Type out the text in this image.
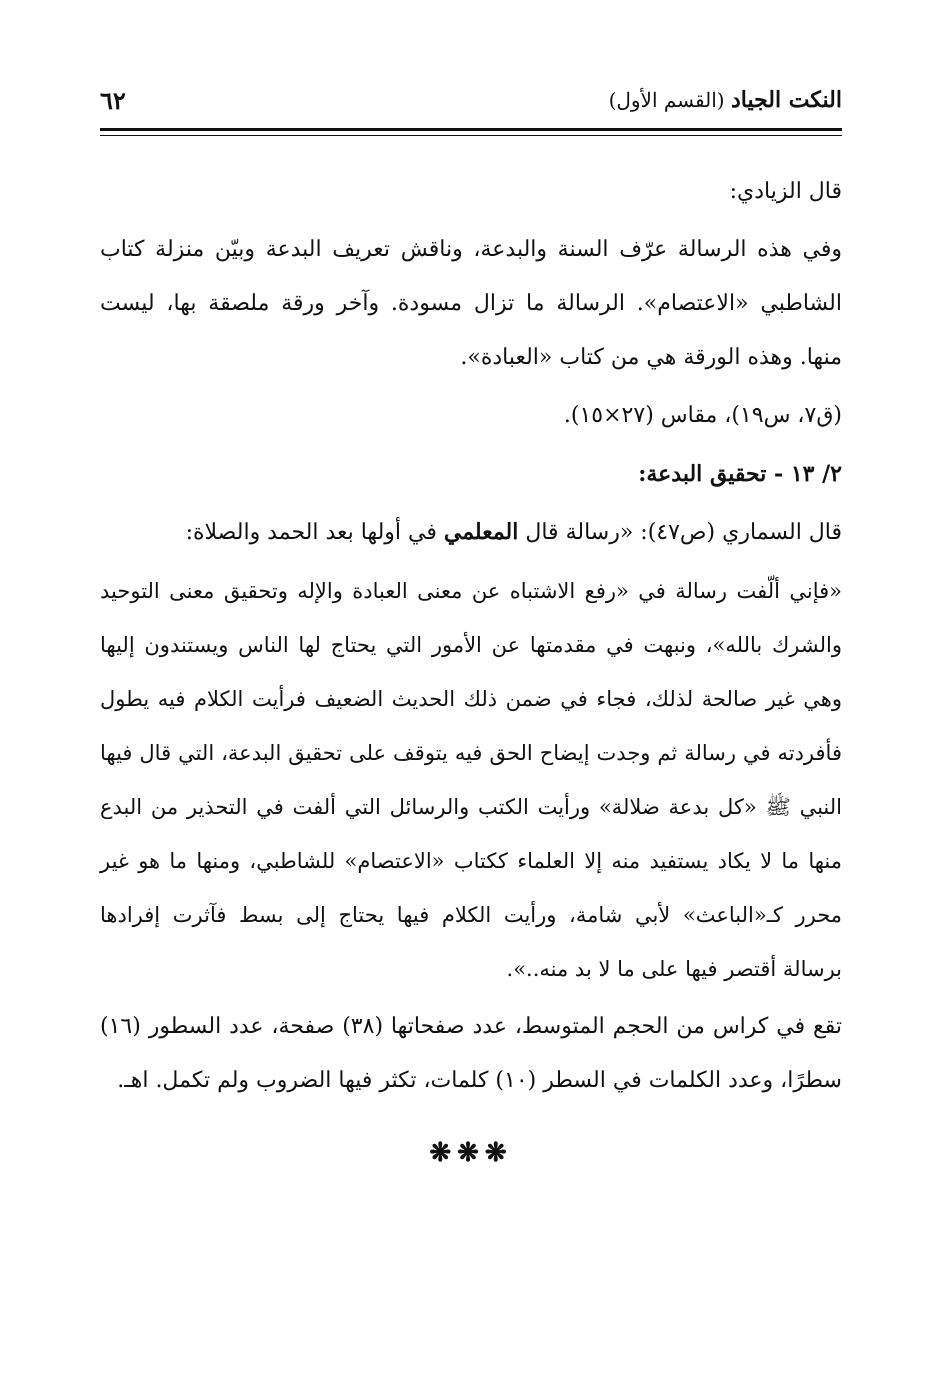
النكت الجياد (القسم الأول)
٦٢

قال الزيادي:

وفي هذه الرسالة عرّف السنة والبدعة، وناقش تعريف البدعة وبيّن منزلة كتاب الشاطبي «الاعتصام». الرسالة ما تزال مسودة. وآخر ورقة ملصقة بها، ليست منها. وهذه الورقة هي من كتاب «العبادة».

(ق٧، س١٩)، مقاس (٢٧×١٥).

٢/ ١٣ - تحقيق البدعة:

قال السماري (ص٤٧): «رسالة قال المعلمي في أولها بعد الحمد والصلاة:

«فإني ألّفت رسالة في «رفع الاشتباه عن معنى العبادة والإله وتحقيق معنى التوحيد والشرك بالله»، ونبهت في مقدمتها عن الأمور التي يحتاج لها الناس ويستندون إليها وهي غير صالحة لذلك، فجاء في ضمن ذلك الحديث الضعيف فرأيت الكلام فيه يطول فأفردته في رسالة ثم وجدت إيضاح الحق فيه يتوقف على تحقيق البدعة، التي قال فيها النبي ﷺ «كل بدعة ضلالة» ورأيت الكتب والرسائل التي ألفت في التحذير من البدع منها ما لا يكاد يستفيد منه إلا العلماء ككتاب «الاعتصام» للشاطبي، ومنها ما هو غير محرر كـ«الباعث» لأبي شامة، ورأيت الكلام فيها يحتاج إلى بسط فآثرت إفرادها برسالة أقتصر فيها على ما لا بد منه..».

تقع في كراس من الحجم المتوسط، عدد صفحاتها (٣٨) صفحة، عدد السطور (١٦) سطرًا، وعدد الكلمات في السطر (١٠) كلمات، تكثر فيها الضروب ولم تكمل. اهـ.

❋❋❋
